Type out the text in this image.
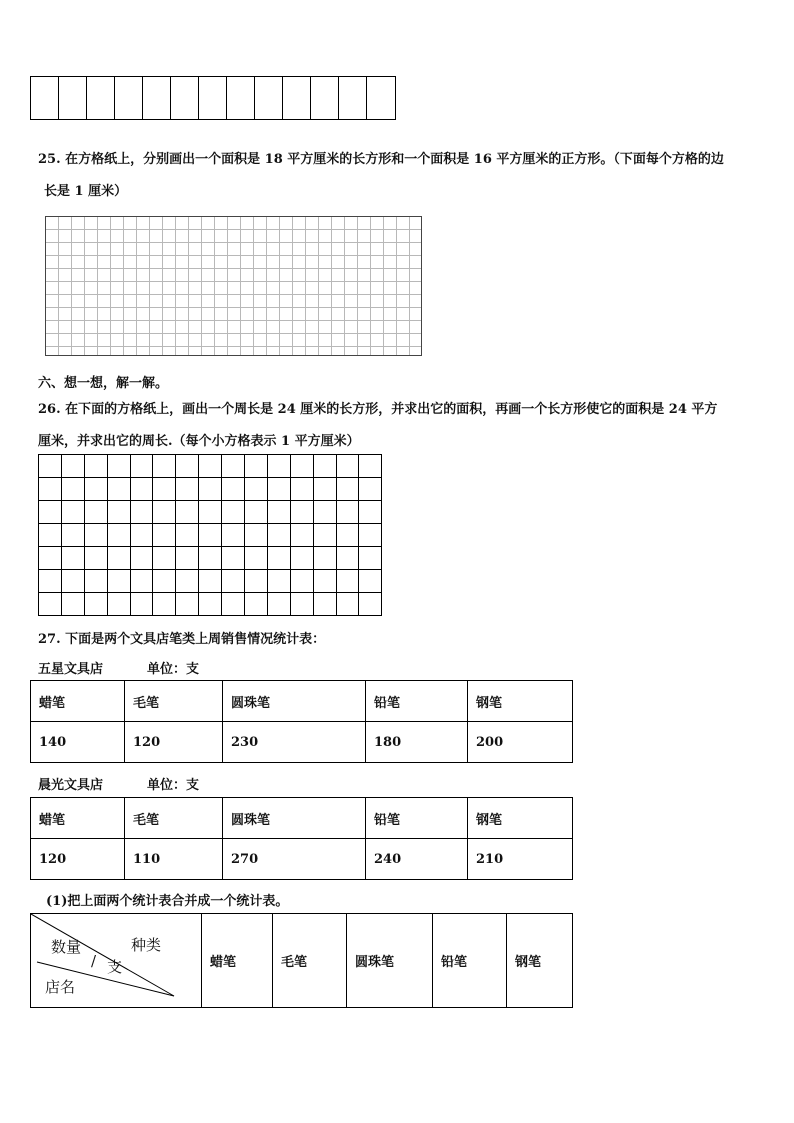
25. 在方格纸上，分别画出一个面积是 18 平方厘米的长方形和一个面积是 16 平方厘米的正方形。（下面每个方格的边
长是 1 厘米）
六、想一想，解一解。
26. 在下面的方格纸上，画出一个周长是 24 厘米的长方形，并求出它的面积，再画一个长方形使它的面积是 24 平方
厘米，并求出它的周长.（每个小方格表示 1 平方厘米）
27. 下面是两个文具店笔类上周销售情况统计表：
五星文具店	单位：支
蜡笔	毛笔	圆珠笔	铅笔	钢笔
140	120	230	180	200
晨光文具店	单位：支
蜡笔	毛笔	圆珠笔	铅笔	钢笔
120	110	270	240	210
(1)把上面两个统计表合并成一个统计表。
种类
数量
/ 支
店名
	蜡笔	毛笔	圆珠笔	铅笔	钢笔
